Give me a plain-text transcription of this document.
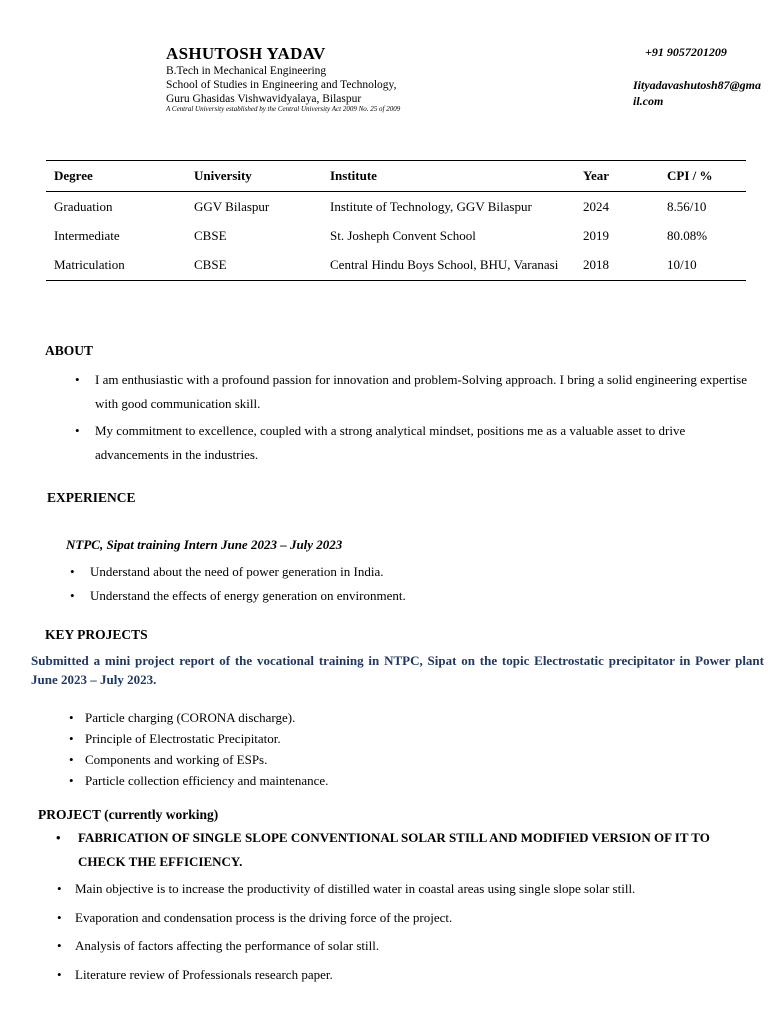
ASHUTOSH YADAV
B.Tech in Mechanical Engineering
School of Studies in Engineering and Technology,
Guru Ghasidas Vishwavidyalaya, Bilaspur
A Central University established by the Central University Act 2009 No. 25 of 2009
+91 9057201209
Iityadavashutosh87@gma il.com
Degree	University	Institute	Year	CPI / %
Graduation	GGV Bilaspur	Institute of Technology, GGV Bilaspur	2024	8.56/10
Intermediate	CBSE	St. Josheph Convent School	2019	80.08%
Matriculation	CBSE	Central Hindu Boys School, BHU, Varanasi	2018	10/10
ABOUT
• I am enthusiastic with a profound passion for innovation and problem-Solving approach. I bring a solid engineering expertise with good communication skill.
• My commitment to excellence, coupled with a strong analytical mindset, positions me as a valuable asset to drive advancements in the industries.
EXPERIENCE
NTPC, Sipat training Intern June 2023 – July 2023
• Understand about the need of power generation in India.
• Understand the effects of energy generation on environment.
KEY PROJECTS
Submitted a mini project report of the vocational training in NTPC, Sipat on the topic Electrostatic precipitator in Power plant June 2023 – July 2023.
• Particle charging (CORONA discharge).
• Principle of Electrostatic Precipitator.
• Components and working of ESPs.
• Particle collection efficiency and maintenance.
PROJECT (currently working)
• FABRICATION OF SINGLE SLOPE CONVENTIONAL SOLAR STILL AND MODIFIED VERSION OF IT TO CHECK THE EFFICIENCY.
• Main objective is to increase the productivity of distilled water in coastal areas using single slope solar still.
• Evaporation and condensation process is the driving force of the project.
• Analysis of factors affecting the performance of solar still.
• Literature review of Professionals research paper.
